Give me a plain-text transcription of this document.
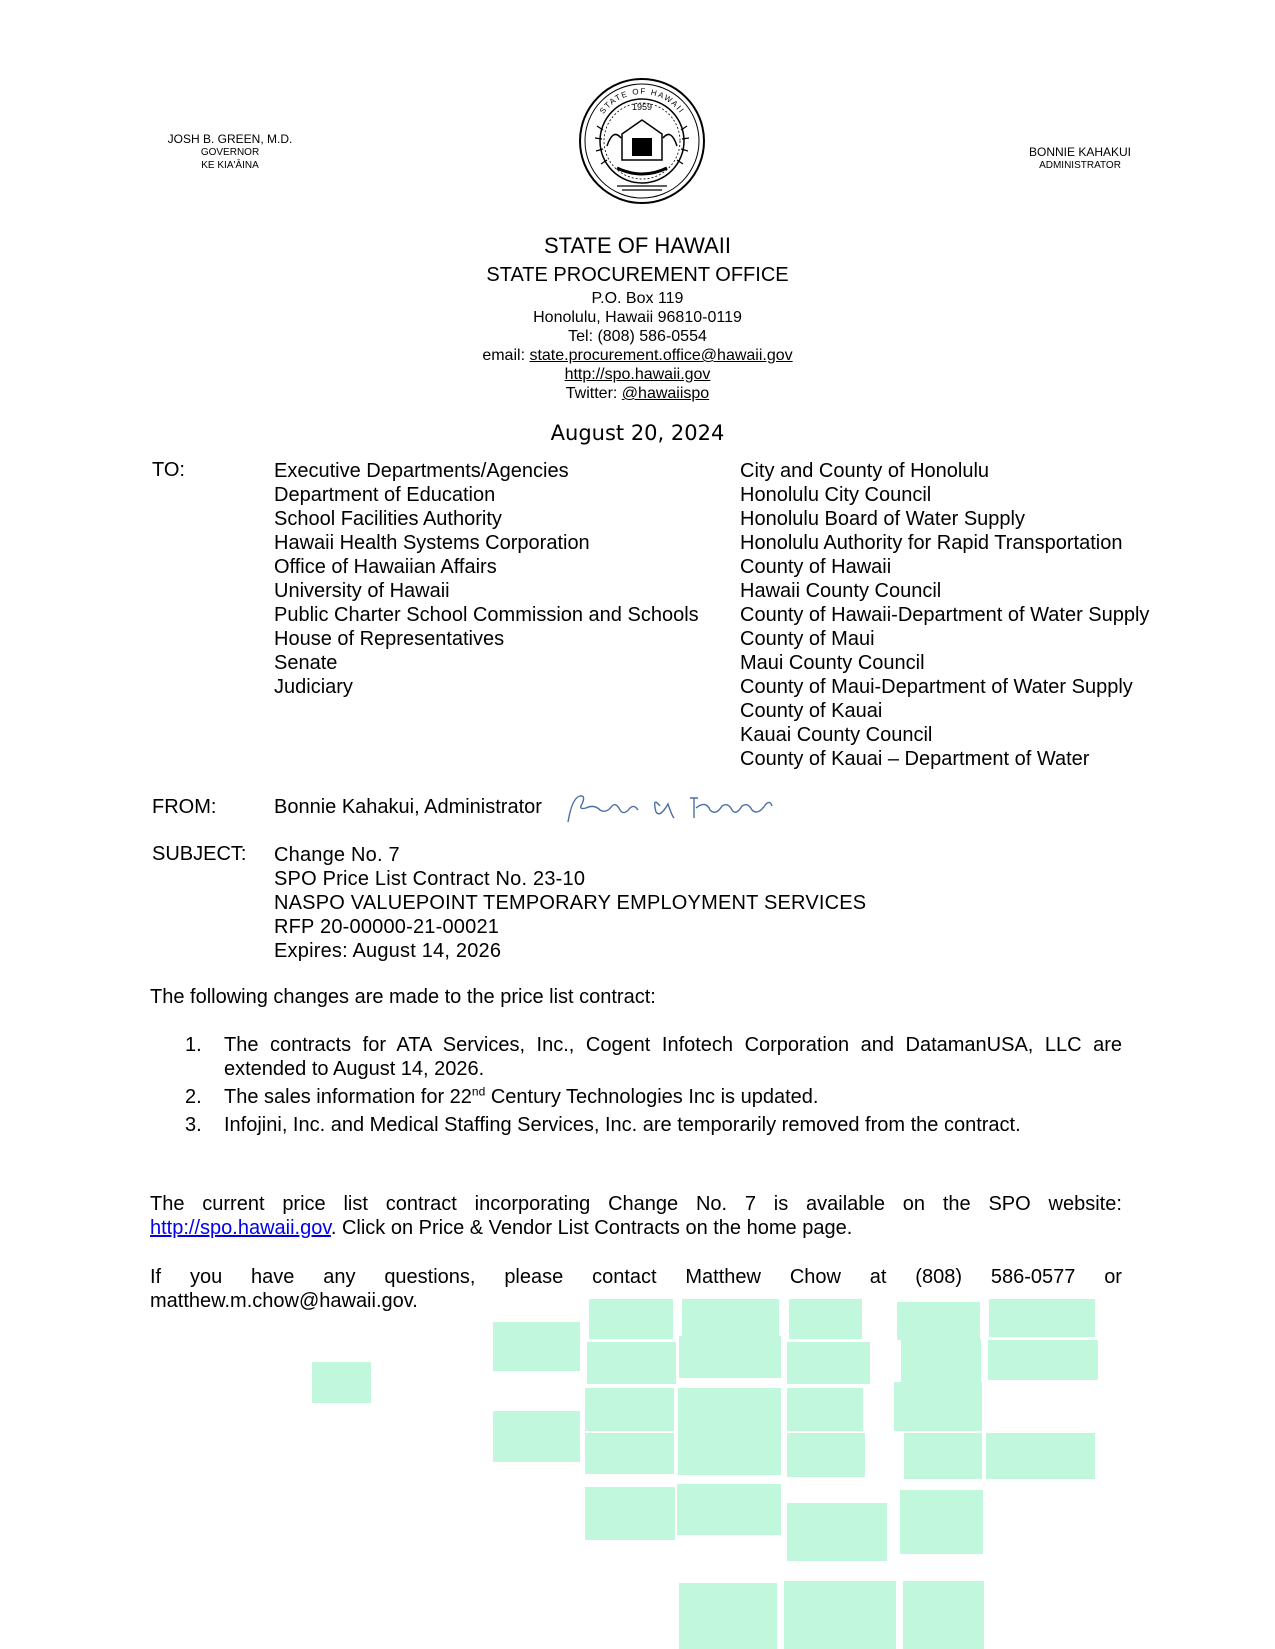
JOSH B. GREEN, M.D.
GOVERNOR
KE KIA'ĀINA
1959
STATE OF HAWAII
BONNIE KAHAKUI
ADMINISTRATOR
STATE OF HAWAII
STATE PROCUREMENT OFFICE
P.O. Box 119
Honolulu, Hawaii 96810-0119
Tel: (808) 586-0554
email: state.procurement.office@hawaii.gov
http://spo.hawaii.gov
Twitter: @hawaiispo
August 20, 2024
TO:	Executive Departments/Agencies
Department of Education
School Facilities Authority
Hawaii Health Systems Corporation
Office of Hawaiian Affairs
University of Hawaii
Public Charter School Commission and Schools
House of Representatives
Senate
Judiciary
City and County of Honolulu
Honolulu City Council
Honolulu Board of Water Supply
Honolulu Authority for Rapid Transportation
County of Hawaii
Hawaii County Council
County of Hawaii-Department of Water Supply
County of Maui
Maui County Council
County of Maui-Department of Water Supply
County of Kauai
Kauai County Council
County of Kauai – Department of Water
FROM:	Bonnie Kahakui, Administrator
SUBJECT: Change No. 7
SPO Price List Contract No. 23-10
NASPO VALUEPOINT TEMPORARY EMPLOYMENT SERVICES
RFP 20-00000-21-00021
Expires: August 14, 2026
The following changes are made to the price list contract:
1. The contracts for ATA Services, Inc., Cogent Infotech Corporation and DatamanUSA, LLC are extended to August 14, 2026.
2. The sales information for 22nd Century Technologies Inc is updated.
3. Infojini, Inc. and Medical Staffing Services, Inc. are temporarily removed from the contract.
The current price list contract incorporating Change No. 7 is available on the SPO website:
http://spo.hawaii.gov. Click on Price & Vendor List Contracts on the home page.
If you have any questions, please contact Matthew Chow at (808) 586-0577 or
matthew.m.chow@hawaii.gov.
